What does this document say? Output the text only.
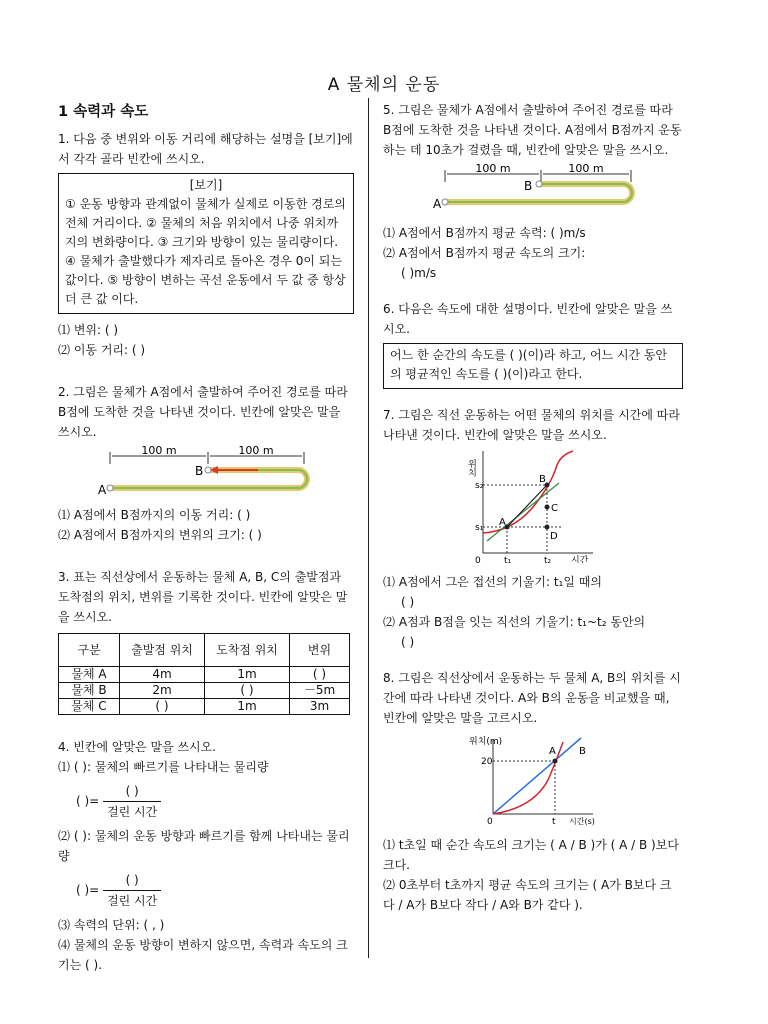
A 물체의 운동
1 속력과 속도

1. 다음 중 변위와 이동 거리에 해당하는 설명을 [보기]에서 각각 골라 빈칸에 쓰시오.

[보기]
① 운동 방향과 관계없이 물체가 실제로 이동한 경로의 전체 거리이다. ② 물체의 처음 위치에서 나중 위치까지의 변화량이다. ③ 크기와 방향이 있는 물리량이다. ④ 물체가 출발했다가 제자리로 돌아온 경우 0이 되는 값이다. ⑤ 방향이 변하는 곡선 운동에서 두 값 중 항상 더 큰 값 이다.
⑴ 변위: ( )
⑵ 이동 거리: ( )

2. 그림은 물체가 A점에서 출발하여 주어진 경로를 따라 B점에 도착한 것을 나타낸 것이다. 빈칸에 알맞은 말을 쓰시오.

100 m	100 m
A
B
⑴ A점에서 B점까지의 이동 거리: ( )
⑵ A점에서 B점까지의 변위의 크기: ( )

3. 표는 직선상에서 운동하는 물체 A, B, C의 출발점과 도착점의 위치, 변위를 기록한 것이다. 빈칸에 알맞은 말을 쓰시오.

구분	출발점 위치	도착점 위치	변위
물체 A	4m	1m	( )
물체 B	2m	( )	－5m
물체 C	( )	1m	3m

4. 빈칸에 알맞은 말을 쓰시오.

⑴ ( ): 물체의 빠르기를 나타내는 물리량
( )= $\frac{( )}{\text{걸린 시간}}$
⑵ ( ): 물체의 운동 방향과 빠르기를 함께 나타내는 물리량
( )= $\frac{( )}{\text{걸린 시간}}$
⑶ 속력의 단위: ( , )
⑷ 물체의 운동 방향이 변하지 않으면, 속력과 속도의 크기는 ( ).

5. 그림은 물체가 A점에서 출발하여 주어진 경로를 따라 B점에 도착한 것을 나타낸 것이다. A점에서 B점까지 운동하는 데 10초가 걸렸을 때, 빈칸에 알맞은 말을 쓰시오.

100 m	100 m
A
B
⑴ A점에서 B점까지 평균 속력: ( )m/s
⑵ A점에서 B점까지 평균 속도의 크기:
( )m/s

6. 다음은 속도에 대한 설명이다. 빈칸에 알맞은 말을 쓰시오.

어느 한 순간의 속도를 ( )(이)라 하고, 어느 시간 동안의 평균적인 속도를 ( )(이)라고 한다.

7. 그림은 직선 운동하는 어떤 물체의 위치를 시간에 따라 나타낸 것이다. 빈칸에 알맞은 말을 쓰시오.

위치
시간
0
s₂
s₁
t₁	t₂
A
B
C
D
⑴ A점에서 그은 접선의 기울기: t₁일 때의
( )
⑵ A점과 B점을 잇는 직선의 기울기: t₁~t₂ 동안의
( )

8. 그림은 직선상에서 운동하는 두 물체 A, B의 위치를 시간에 따라 나타낸 것이다. A와 B의 운동을 비교했을 때, 빈칸에 알맞은 말을 고르시오.

위치(m)
시간(s)
0
20
t
A B
⑴ t초일 때 순간 속도의 크기는 ( A / B )가 ( A / B )보다 크다.
⑵ 0초부터 t초까지 평균 속도의 크기는 ( A가 B보다 크다 / A가 B보다 작다 / A와 B가 같다 ).
